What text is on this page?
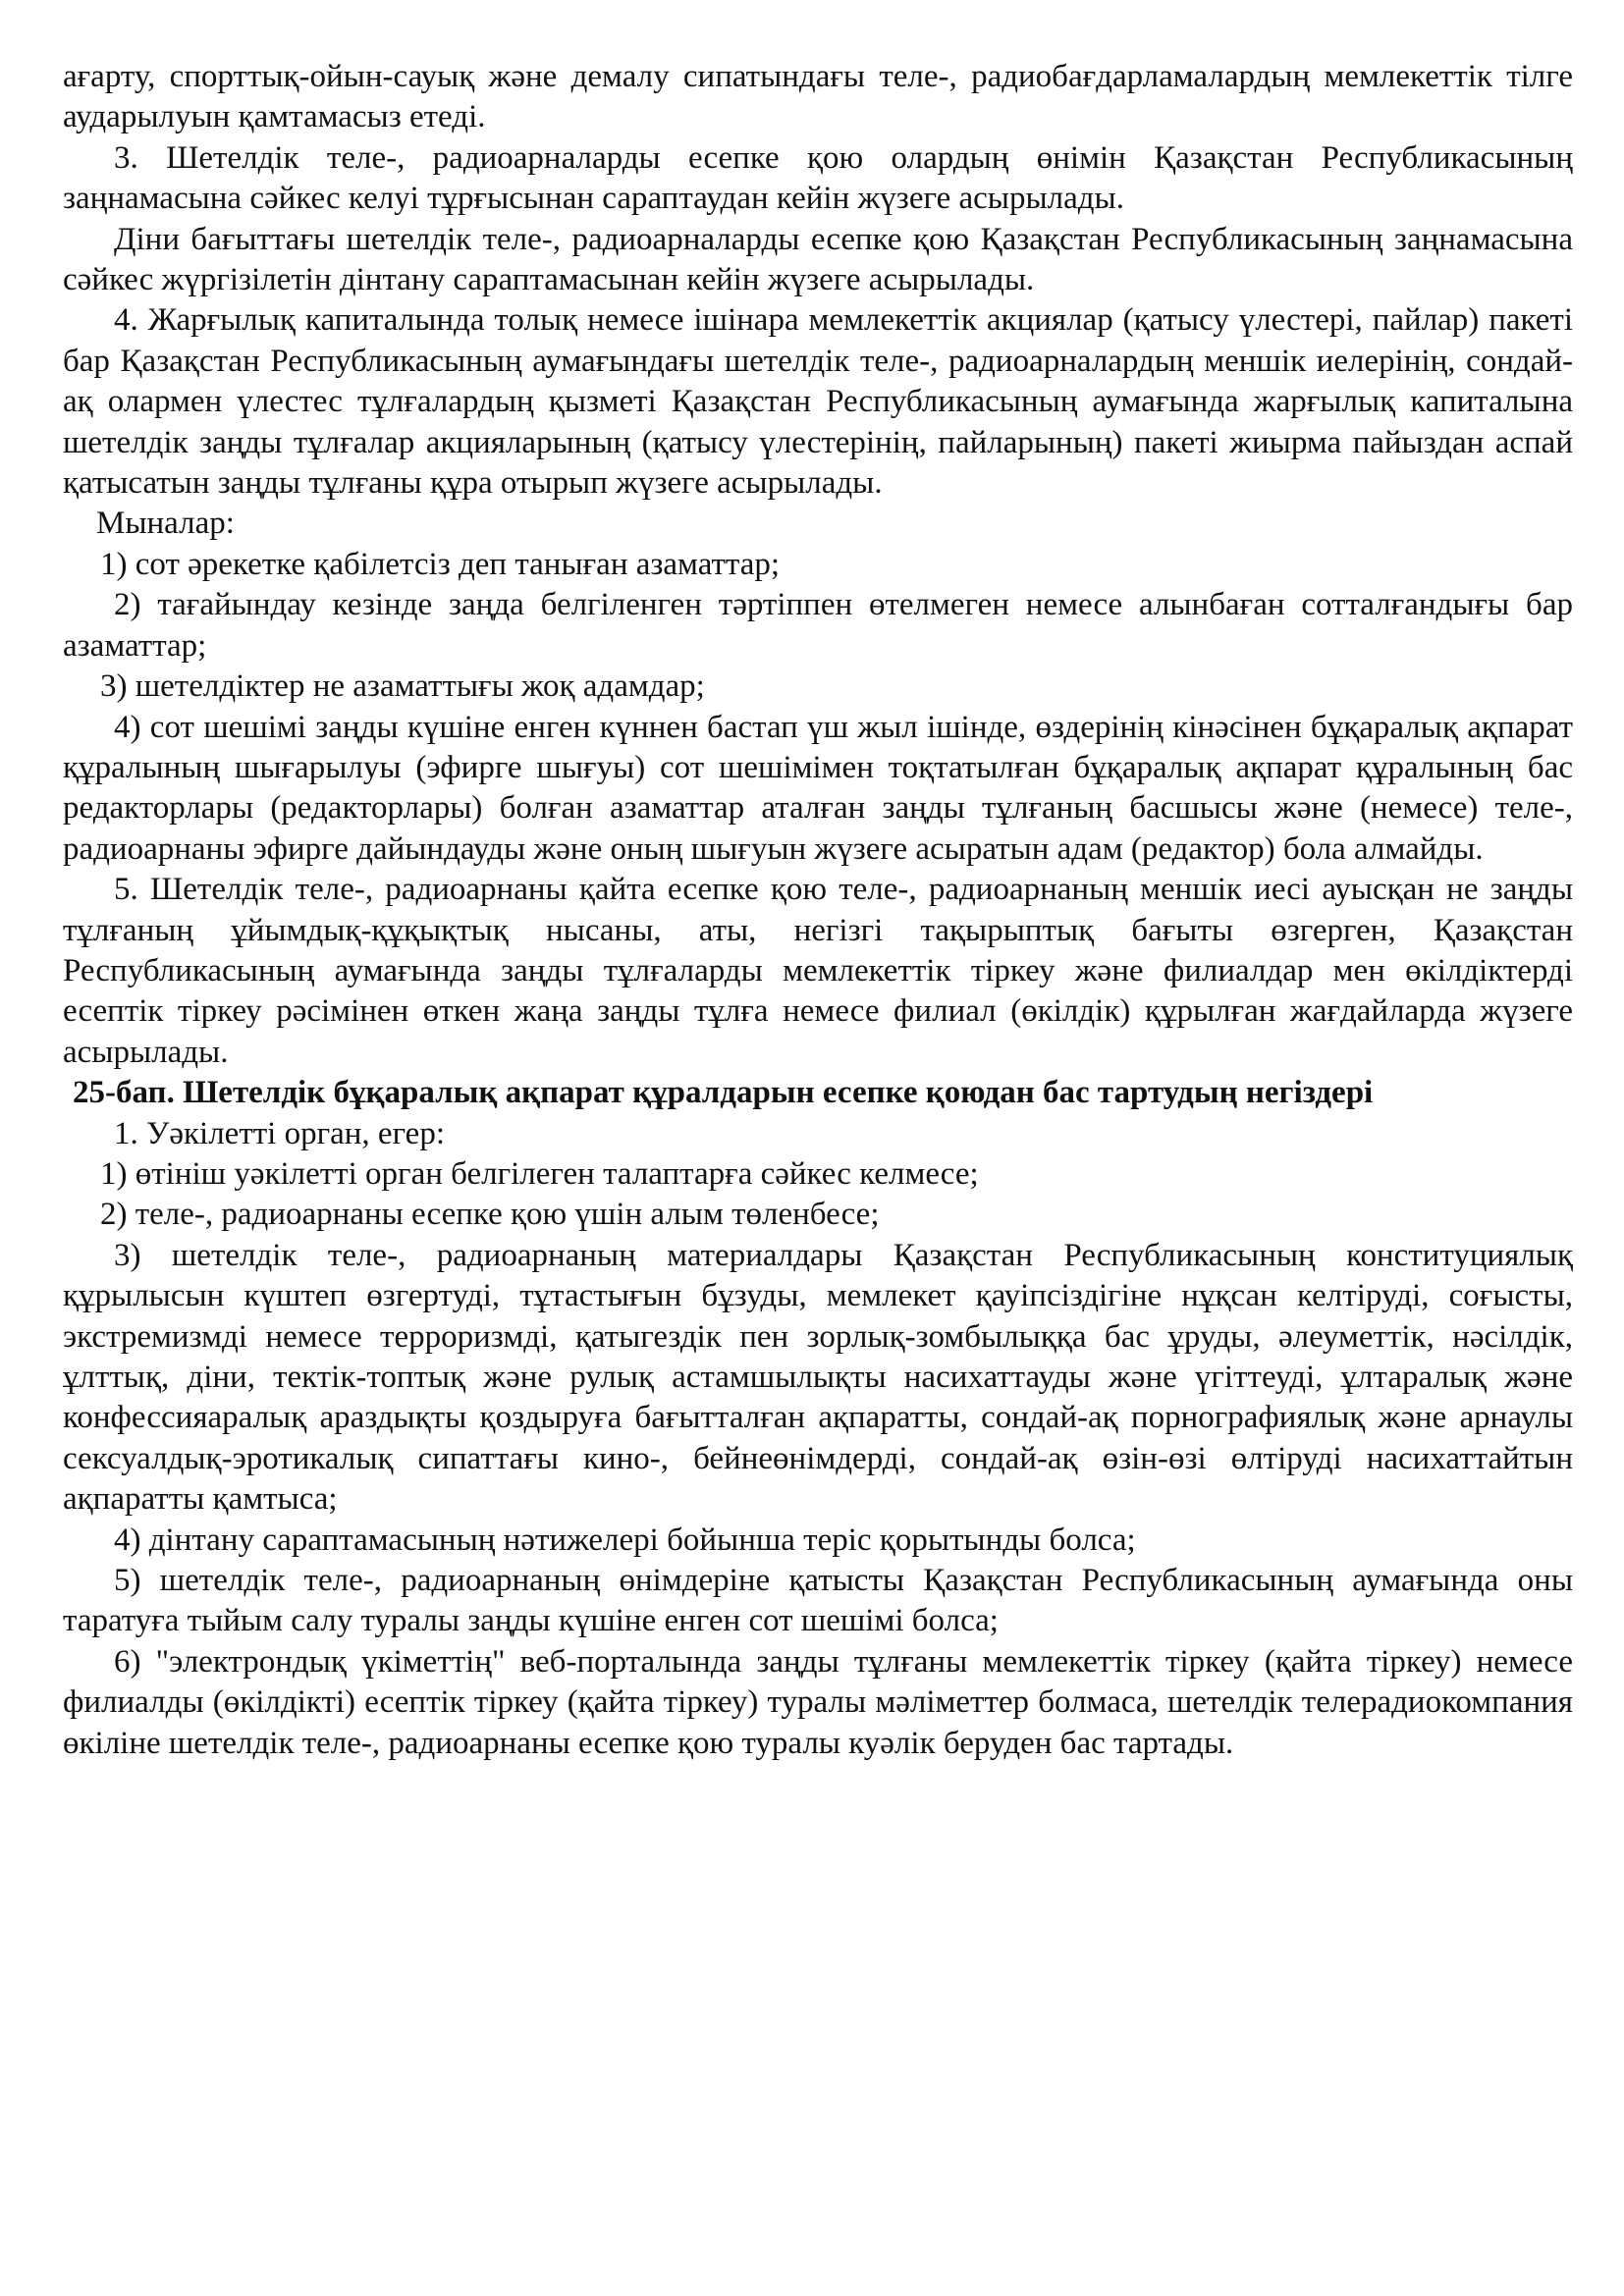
ағарту, спорттық-ойын-сауық және демалу сипатындағы теле-, радиобағдарламалардың мемлекеттік тілге аударылуын қамтамасыз етеді.

3. Шетелдік теле-, радиоарналарды есепке қою олардың өнімін Қазақстан Республикасының заңнамасына сәйкес келуі тұрғысынан сараптаудан кейін жүзеге асырылады.

Діни бағыттағы шетелдік теле-, радиоарналарды есепке қою Қазақстан Республикасының заңнамасына сәйкес жүргізілетін дінтану сараптамасынан кейін жүзеге асырылады.

4. Жарғылық капиталында толық немесе ішінара мемлекеттік акциялар (қатысу үлестері, пайлар) пакеті бар Қазақстан Республикасының аумағындағы шетелдік теле-, радиоарналардың меншік иелерінің, сондай-ақ олармен үлестес тұлғалардың қызметі Қазақстан Республикасының аумағында жарғылық капиталына шетелдік заңды тұлғалар акцияларының (қатысу үлестерінің, пайларының) пакеті жиырма пайыздан аспай қатысатын заңды тұлғаны құра отырып жүзеге асырылады.

Мыналар:

1) сот әрекетке қабілетсіз деп таныған азаматтар;

2) тағайындау кезінде заңда белгіленген тәртіппен өтелмеген немесе алынбаған сотталғандығы бар азаматтар;

3) шетелдіктер не азаматтығы жоқ адамдар;

4) сот шешімі заңды күшіне енген күннен бастап үш жыл ішінде, өздерінің кінәсінен бұқаралық ақпарат құралының шығарылуы (эфирге шығуы) сот шешімімен тоқтатылған бұқаралық ақпарат құралының бас редакторлары (редакторлары) болған азаматтар аталған заңды тұлғаның басшысы және (немесе) теле-, радиоарнаны эфирге дайындауды және оның шығуын жүзеге асыратын адам (редактор) бола алмайды.

5. Шетелдік теле-, радиоарнаны қайта есепке қою теле-, радиоарнаның меншік иесі ауысқан не заңды тұлғаның ұйымдық-құқықтық нысаны, аты, негізгі тақырыптық бағыты өзгерген, Қазақстан Республикасының аумағында заңды тұлғаларды мемлекеттік тіркеу және филиалдар мен өкілдіктерді есептік тіркеу рәсімінен өткен жаңа заңды тұлға немесе филиал (өкілдік) құрылған жағдайларда жүзеге асырылады.

25-бап. Шетелдік бұқаралық ақпарат құралдарын есепке қоюдан бас тартудың негіздері

1. Уәкілетті орган, егер:

1) өтініш уәкілетті орган белгілеген талаптарға сәйкес келмесе;

2) теле-, радиоарнаны есепке қою үшін алым төленбесе;

3) шетелдік теле-, радиоарнаның материалдары Қазақстан Республикасының конституциялық құрылысын күштеп өзгертуді, тұтастығын бұзуды, мемлекет қауіпсіздігіне нұқсан келтіруді, соғысты, экстремизмді немесе терроризмді, қатыгездік пен зорлық-зомбылыққа бас ұруды, әлеуметтік, нәсілдік, ұлттық, діни, тектік-топтық және рулық астамшылықты насихаттауды және үгіттеуді, ұлтаралық және конфессияаралық араздықты қоздыруға бағытталған ақпаратты, сондай-ақ порнографиялық және арнаулы сексуалдық-эротикалық сипаттағы кино-, бейнеөнімдерді, сондай-ақ өзін-өзі өлтіруді насихаттайтын ақпаратты қамтыса;

4) дінтану сараптамасының нәтижелері бойынша теріс қорытынды болса;

5) шетелдік теле-, радиоарнаның өнімдеріне қатысты Қазақстан Республикасының аумағында оны таратуға тыйым салу туралы заңды күшіне енген сот шешімі болса;

6) "электрондық үкіметтің" веб-порталында заңды тұлғаны мемлекеттік тіркеу (қайта тіркеу) немесе филиалды (өкілдікті) есептік тіркеу (қайта тіркеу) туралы мәліметтер болмаса, шетелдік телерадиокомпания өкіліне шетелдік теле-, радиоарнаны есепке қою туралы куәлік беруден бас тартады.
